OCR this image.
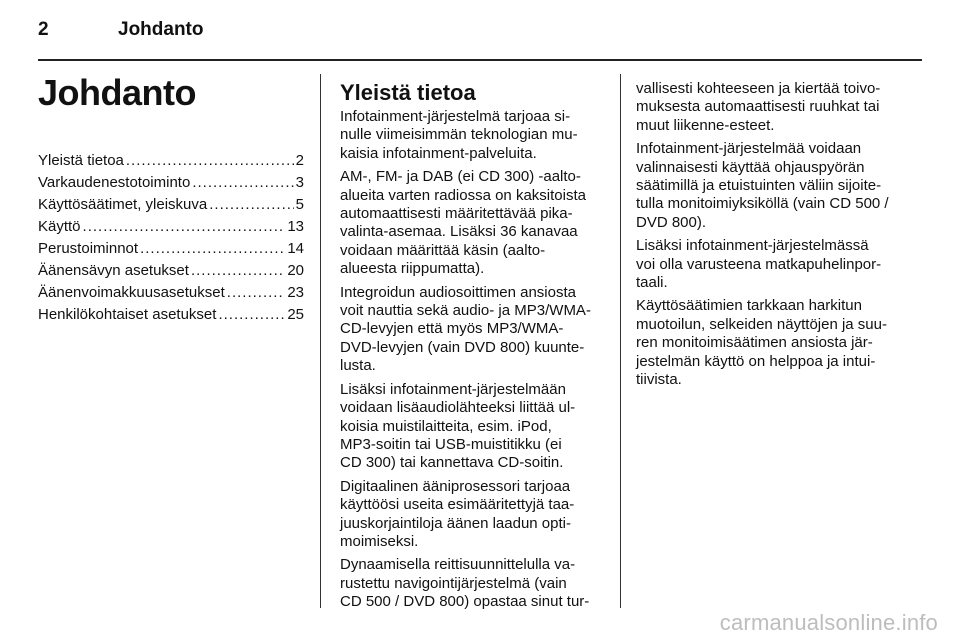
2	Johdanto
Johdanto
Yleistä tietoa .....	2
Varkaudenestotoiminto .....	3
Käyttösäätimet, yleiskuva .....	5
Käyttö .....	13
Perustoiminnot .....	14
Äänensävyn asetukset .....	20
Äänenvoimakkuusasetukset .....	23
Henkilökohtaiset asetukset .....	25
Yleistä tietoa

Infotainment-järjestelmä tarjoaa si-
nulle viimeisimmän teknologian mu-
kaisia infotainment-palveluita.

AM-, FM- ja DAB (ei CD 300) -aalto-
alueita varten radiossa on kaksitoista
automaattisesti määritettävää pika-
valinta-asemaa. Lisäksi 36 kanavaa
voidaan määrittää käsin (aalto-
alueesta riippumatta).

Integroidun audiosoittimen ansiosta
voit nauttia sekä audio- ja MP3/WMA-
CD-levyjen että myös MP3/WMA-
DVD-levyjen (vain DVD 800) kuunte-
lusta.

Lisäksi infotainment-järjestelmään
voidaan lisäaudiolähteeksi liittää ul-
koisia muistilaitteita, esim. iPod,
MP3-soitin tai USB-muistitikku (ei
CD 300) tai kannettava CD-soitin.

Digitaalinen ääniprosessori tarjoaa
käyttöösi useita esimääritettyjä taa-
juuskorjaintiloja äänen laadun opti-
moimiseksi.

Dynaamisella reittisuunnittelulla va-
rustettu navigointijärjestelmä (vain
CD 500 / DVD 800) opastaa sinut tur-

vallisesti kohteeseen ja kiertää toivo-
muksesta automaattisesti ruuhkat tai
muut liikenne-esteet.

Infotainment-järjestelmää voidaan
valinnaisesti käyttää ohjauspyörän
säätimillä ja etuistuinten väliin sijoite-
tulla monitoimiyksiköllä (vain CD 500 /
DVD 800).

Lisäksi infotainment-järjestelmässä
voi olla varusteena matkapuhelinpor-
taali.

Käyttösäätimien tarkkaan harkitun
muotoilun, selkeiden näyttöjen ja suu-
ren monitoimisäätimen ansiosta jär-
jestelmän käyttö on helppoa ja intui-
tiivista.

carmanualsonline.info
